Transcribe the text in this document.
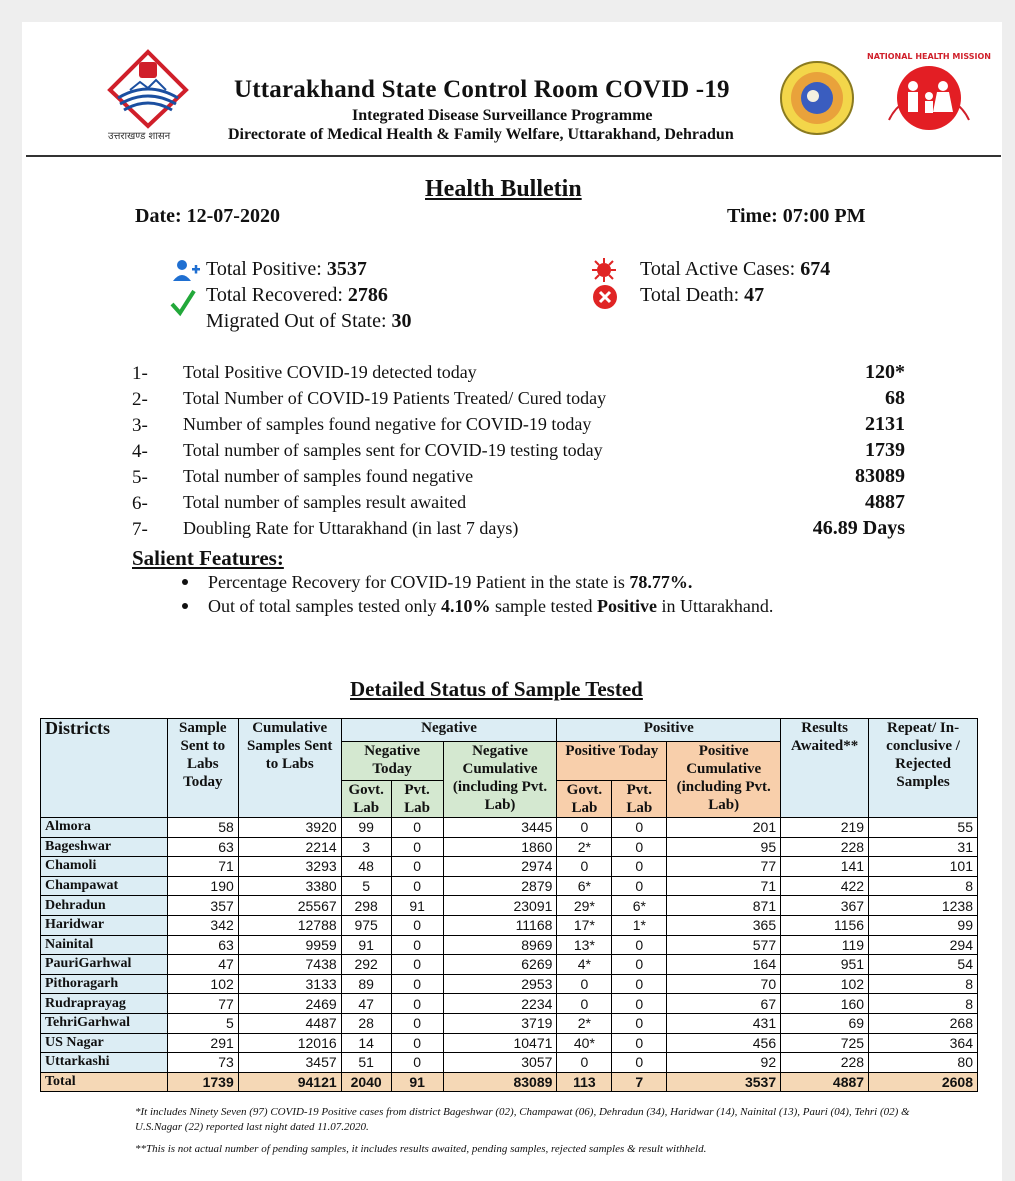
उत्तराखण्ड शासन
Uttarakhand State Control Room COVID -19
Integrated Disease Surveillance Programme
Directorate of Medical Health & Family Welfare, Uttarakhand, Dehradun
NATIONAL HEALTH MISSION
Health Bulletin
Date: 12-07-2020	Time: 07:00 PM
Total Positive: 3537
Total Recovered: 2786
Migrated Out of State: 30
Total Active Cases: 674
Total Death: 47
1- Total Positive COVID-19 detected today	120*
2- Total Number of COVID-19 Patients Treated/ Cured today	68
3- Number of samples found negative for COVID-19 today	2131
4- Total number of samples sent for COVID-19 testing today	1739
5- Total number of samples found negative	83089
6- Total number of samples result awaited	4887
7- Doubling Rate for Uttarakhand (in last 7 days)	46.89 Days
Salient Features:
Percentage Recovery for COVID-19 Patient in the state is 78.77%.
Out of total samples tested only 4.10% sample tested Positive in Uttarakhand.
Detailed Status of Sample Tested
Districts	Sample Sent to Labs Today	Cumulative Samples Sent to Labs	Negative			Positive			Results Awaited**	Repeat/ In- conclusive / Rejected Samples
			Negative Today		Negative Cumulative (including Pvt. Lab)	Positive Today		Positive Cumulative (including Pvt. Lab)		
			Govt. Lab	Pvt. Lab		Govt. Lab	Pvt. Lab			
Almora	58	3920	99	0	3445	0	0	201	219	55
Bageshwar	63	2214	3	0	1860	2*	0	95	228	31
Chamoli	71	3293	48	0	2974	0	0	77	141	101
Champawat	190	3380	5	0	2879	6*	0	71	422	8
Dehradun	357	25567	298	91	23091	29*	6*	871	367	1238
Haridwar	342	12788	975	0	11168	17*	1*	365	1156	99
Nainital	63	9959	91	0	8969	13*	0	577	119	294
PauriGarhwal	47	7438	292	0	6269	4*	0	164	951	54
Pithoragarh	102	3133	89	0	2953	0	0	70	102	8
Rudraprayag	77	2469	47	0	2234	0	0	67	160	8
TehriGarhwal	5	4487	28	0	3719	2*	0	431	69	268
US Nagar	291	12016	14	0	10471	40*	0	456	725	364
Uttarkashi	73	3457	51	0	3057	0	0	92	228	80
Total	1739	94121	2040	91	83089	113	7	3537	4887	2608
*It includes Ninety Seven (97) COVID-19 Positive cases from district Bageshwar (02), Champawat (06), Dehradun (34), Haridwar (14), Nainital (13), Pauri (04), Tehri (02) & U.S.Nagar (22) reported last night dated 11.07.2020.
**This is not actual number of pending samples, it includes results awaited, pending samples, rejected samples & result withheld.
